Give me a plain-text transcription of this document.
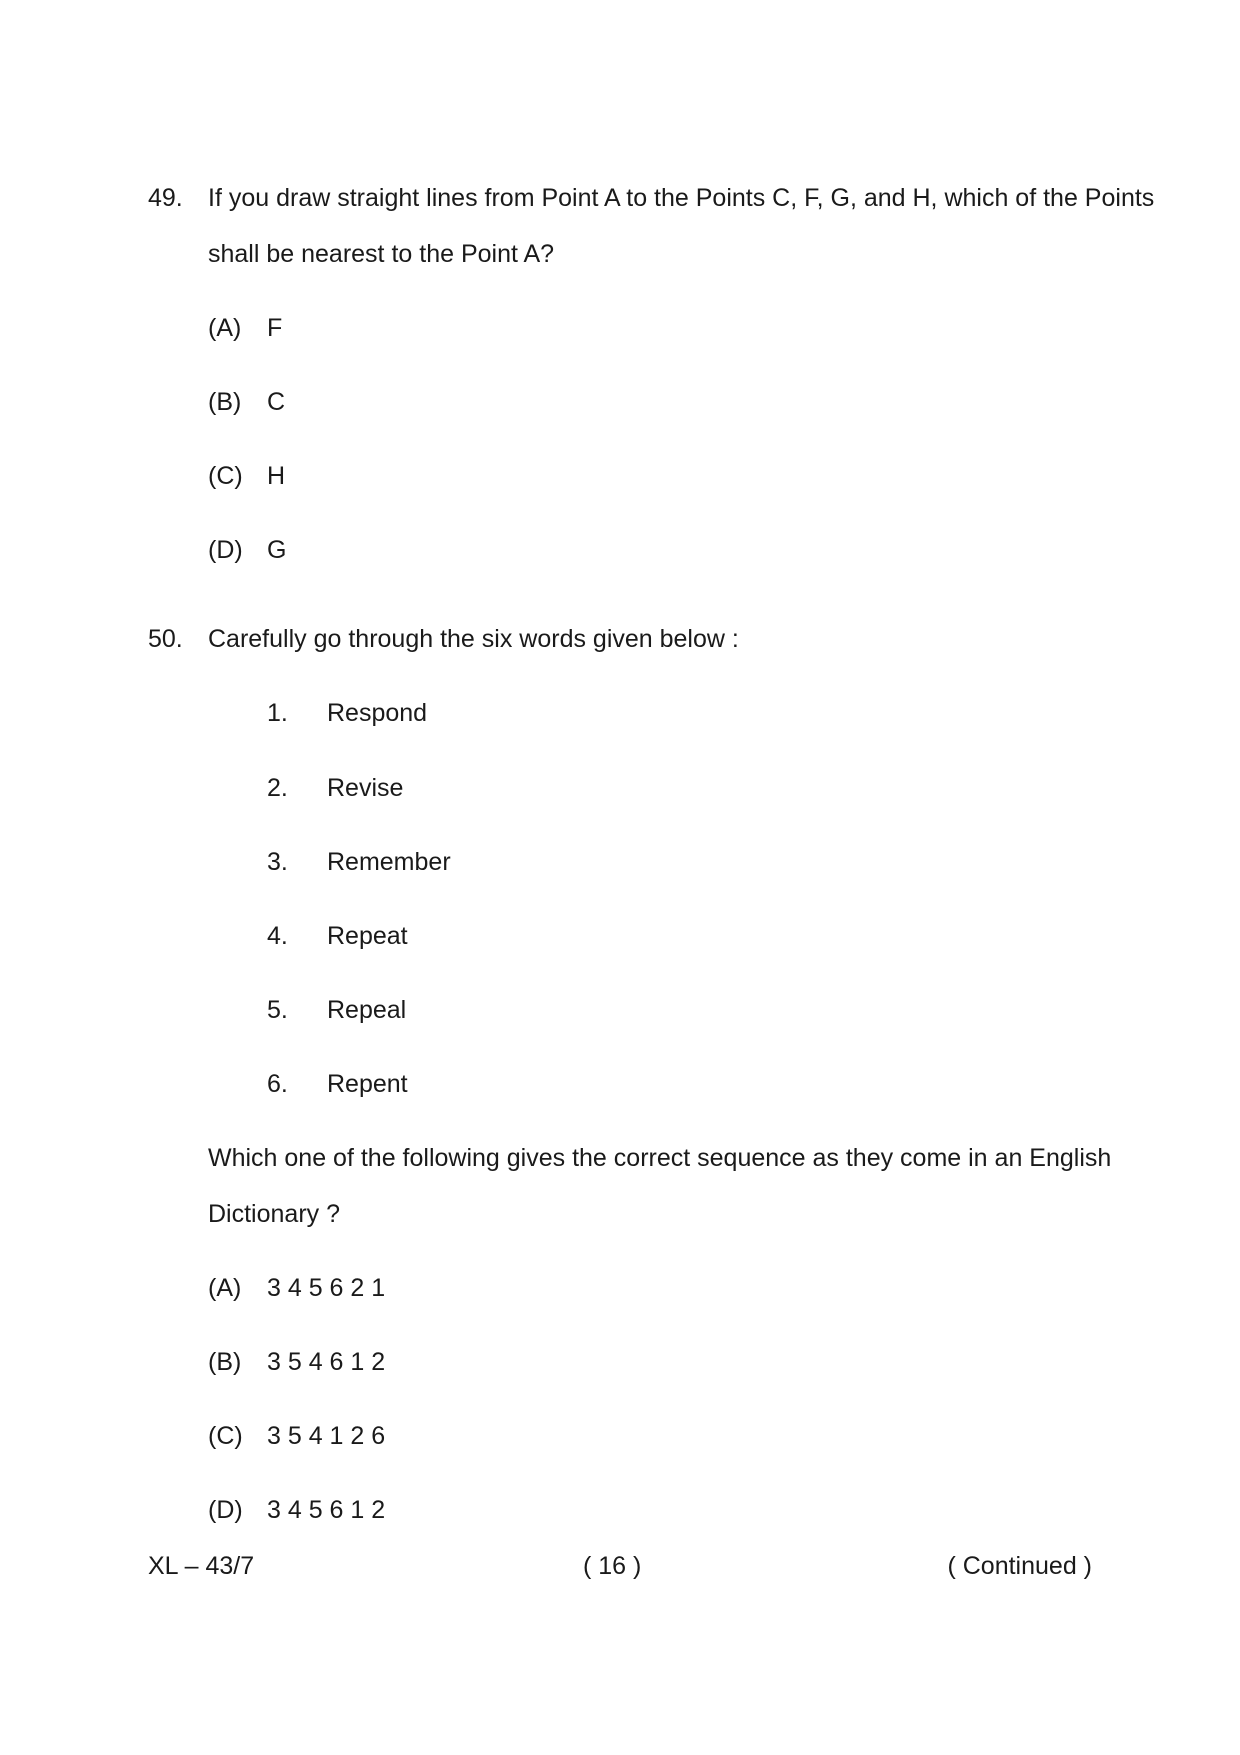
49. If you draw straight lines from Point A to the Points C, F, G, and H, which of the Points
shall be nearest to the Point A?
(A) F
(B) C
(C) H
(D) G
50. Carefully go through the six words given below :
1. Respond
2. Revise
3. Remember
4. Repeat
5. Repeal
6. Repent
Which one of the following gives the correct sequence as they come in an English
Dictionary ?
(A) 3 4 5 6 2 1
(B) 3 5 4 6 1 2
(C) 3 5 4 1 2 6
(D) 3 4 5 6 1 2
XL – 43/7	( 16 )	( Continued )
